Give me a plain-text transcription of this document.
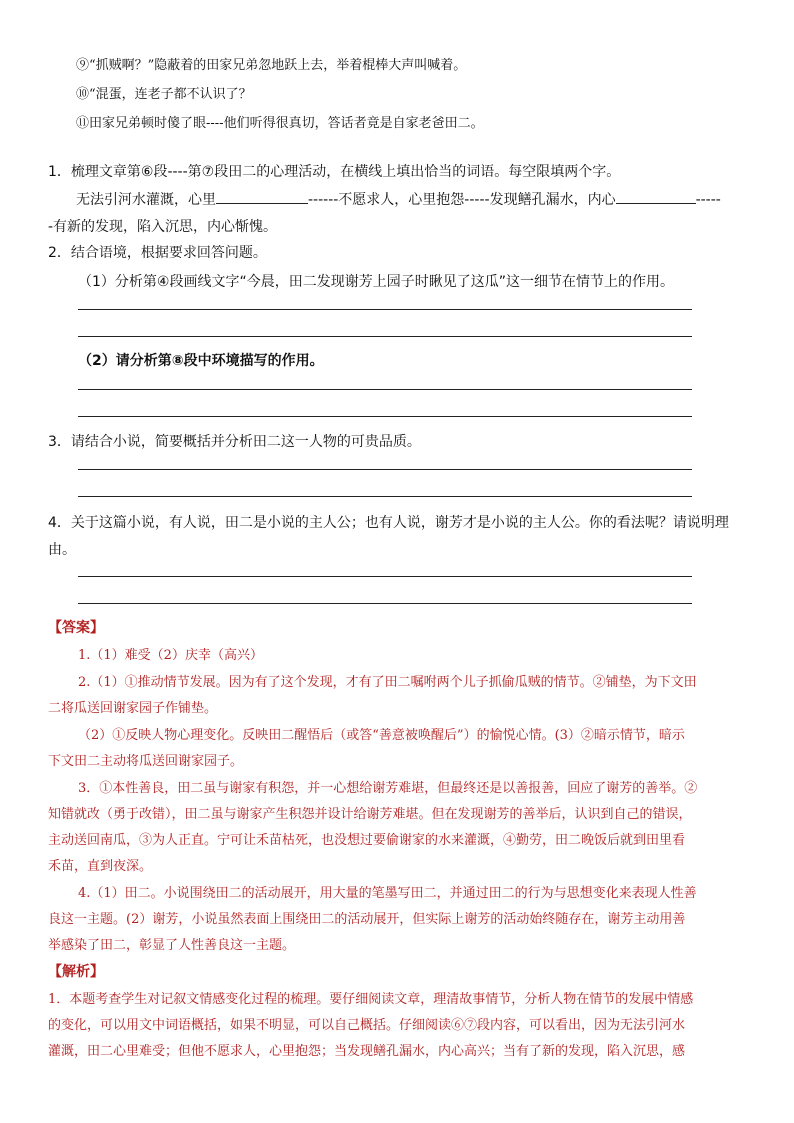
⑨“抓贼啊？”隐蔽着的田家兄弟忽地跃上去，举着棍棒大声叫喊着。

⑩“混蛋，连老子都不认识了？

⑪田家兄弟顿时傻了眼----他们听得很真切，答话者竟是自家老爸田二。

1．梳理文章第⑥段----第⑦段田二的心理活动，在横线上填出恰当的词语。每空限填两个字。

无法引河水灌溉，心里	------不愿求人，心里抱怨-----发现鳝孔漏水，内心	-----

-有新的发现，陷入沉思，内心惭愧。

2．结合语境，根据要求回答问题。

（1）分析第④段画线文字“今晨，田二发现谢芳上园子时瞅见了这瓜”这一细节在情节上的作用。

（2）请分析第⑧段中环境描写的作用。

3．请结合小说，简要概括并分析田二这一人物的可贵品质。

4．关于这篇小说，有人说，田二是小说的主人公；也有人说，谢芳才是小说的主人公。你的看法呢？请说明理

由。

【答案】

1.（1）难受（2）庆幸（高兴）

2.（1）①推动情节发展。因为有了这个发现，才有了田二嘱咐两个儿子抓偷瓜贼的情节。②铺垫，为下文田

二将瓜送回谢家园子作铺垫。

（2）①反映人物心理变化。反映田二醒悟后（或答“善意被唤醒后”）的愉悦心情。(3）②暗示情节，暗示

下文田二主动将瓜送回谢家园子。

3．①本性善良，田二虽与谢家有积怨，并一心想给谢芳难堪，但最终还是以善报善，回应了谢芳的善举。②

知错就改（勇于改错），田二虽与谢家产生积怨并设计给谢芳难堪。但在发现谢芳的善举后，认识到自己的错误，

主动送回南瓜，③为人正直。宁可让禾苗枯死，也没想过要偷谢家的水来灌溉，④勤劳，田二晚饭后就到田里看

禾苗，直到夜深。

4.（1）田二。小说围绕田二的活动展开，用大量的笔墨写田二，并通过田二的行为与思想变化来表现人性善

良这一主题。(2）谢芳，小说虽然表面上围绕田二的活动展开，但实际上谢芳的活动始终随存在，谢芳主动用善

举感染了田二，彰显了人性善良这一主题。

【解析】

1．本题考查学生对记叙文情感变化过程的梳理。要仔细阅读文章，理清故事情节，分析人物在情节的发展中情感

的变化，可以用文中词语概括，如果不明显，可以自己概括。仔细阅读⑥⑦段内容，可以看出，因为无法引河水

灌溉，田二心里难受；但他不愿求人，心里抱怨；当发现鳝孔漏水，内心高兴；当有了新的发现，陷入沉思，感
